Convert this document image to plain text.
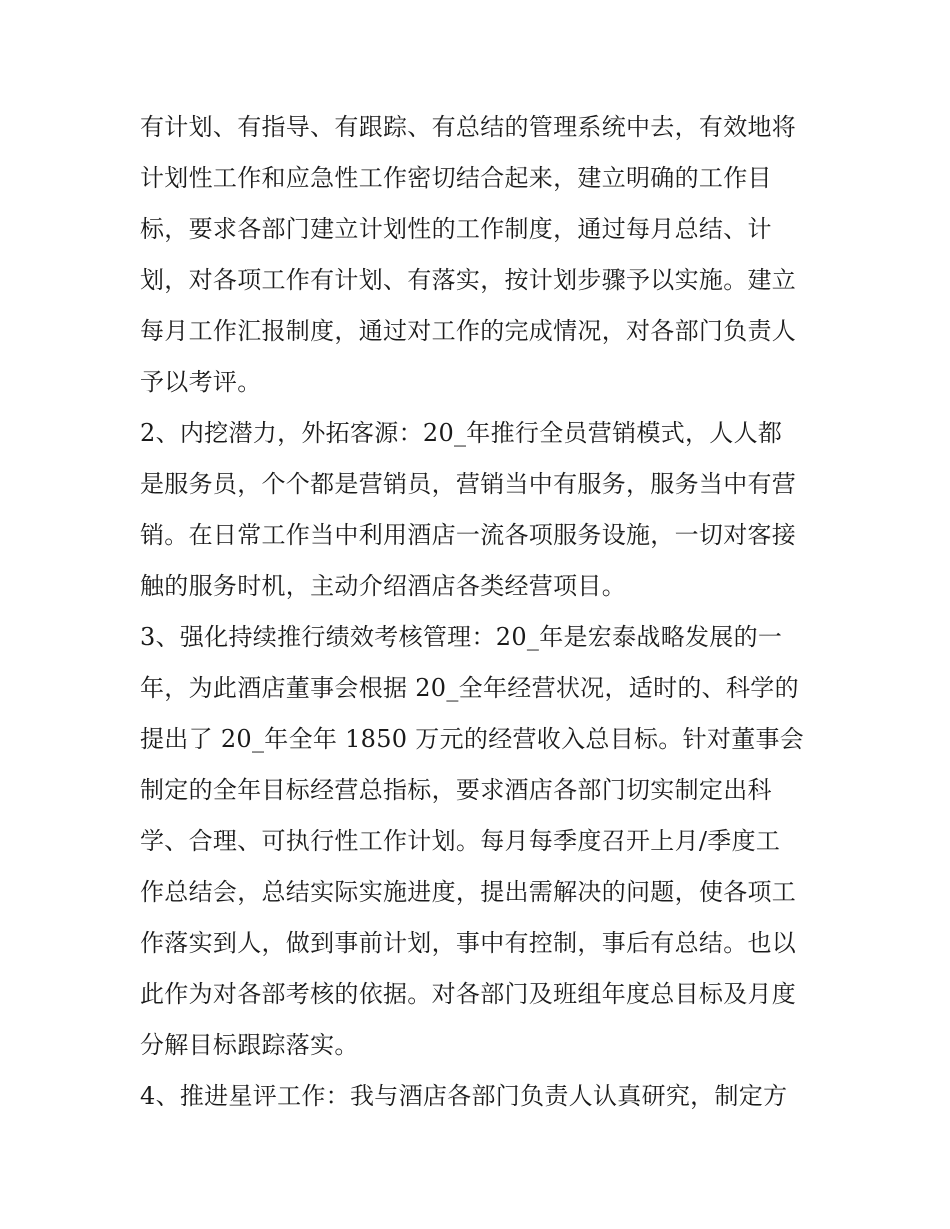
有计划、有指导、有跟踪、有总结的管理系统中去，有效地将
计划性工作和应急性工作密切结合起来，建立明确的工作目
标，要求各部门建立计划性的工作制度，通过每月总结、计
划，对各项工作有计划、有落实，按计划步骤予以实施。建立
每月工作汇报制度，通过对工作的完成情况，对各部门负责人
予以考评。
2、内挖潜力，外拓客源：20_年推行全员营销模式，人人都
是服务员，个个都是营销员，营销当中有服务，服务当中有营
销。在日常工作当中利用酒店一流各项服务设施，一切对客接
触的服务时机，主动介绍酒店各类经营项目。
3、强化持续推行绩效考核管理：20_年是宏泰战略发展的一
年，为此酒店董事会根据 20_全年经营状况，适时的、科学的
提出了 20_年全年 1850 万元的经营收入总目标。针对董事会
制定的全年目标经营总指标，要求酒店各部门切实制定出科
学、合理、可执行性工作计划。每月每季度召开上月/季度工
作总结会，总结实际实施进度，提出需解决的问题，使各项工
作落实到人，做到事前计划，事中有控制，事后有总结。也以
此作为对各部考核的依据。对各部门及班组年度总目标及月度
分解目标跟踪落实。
4、推进星评工作：我与酒店各部门负责人认真研究，制定方
